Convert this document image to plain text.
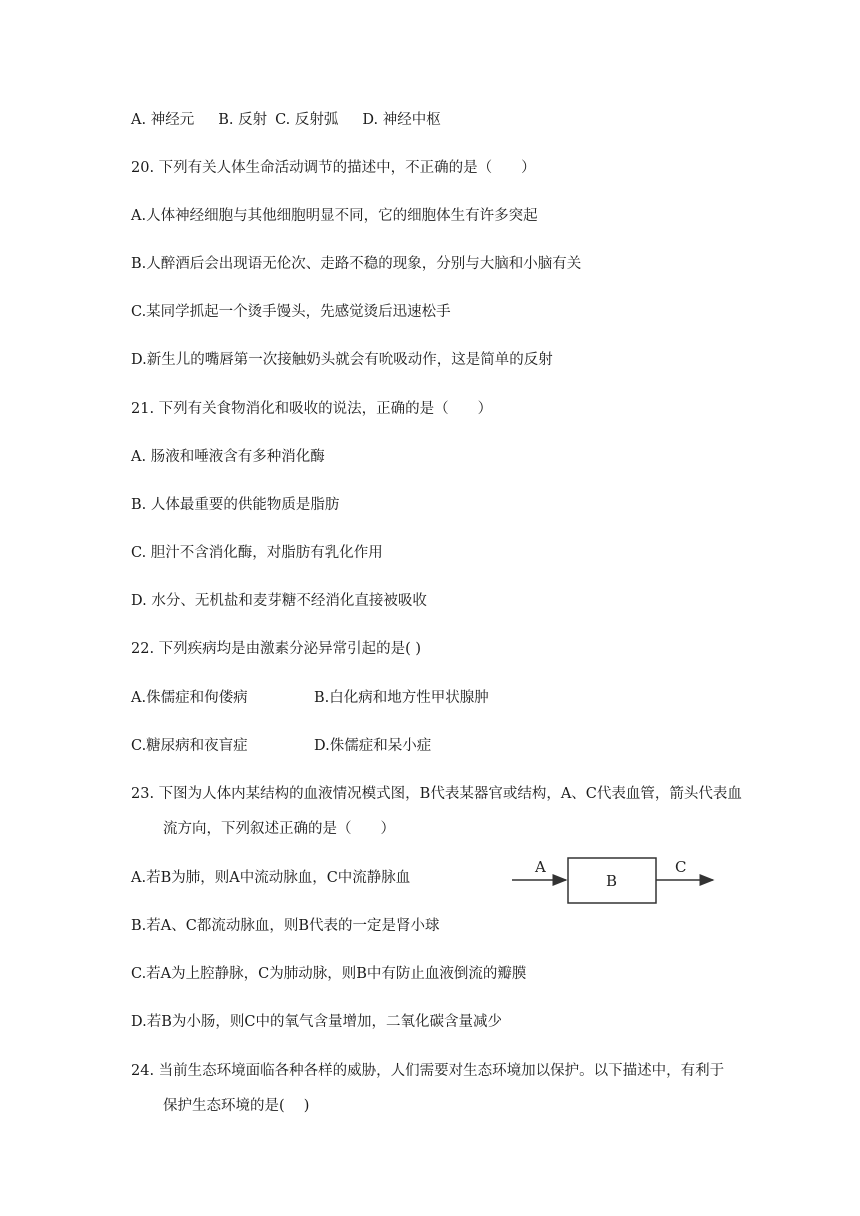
A. 神经元 B. 反射 C. 反射弧 D. 神经中枢
20. 下列有关人体生命活动调节的描述中，不正确的是（　　）
A.人体神经细胞与其他细胞明显不同，它的细胞体生有许多突起
B.人醉酒后会出现语无伦次、走路不稳的现象，分别与大脑和小脑有关
C.某同学抓起一个烫手馒头，先感觉烫后迅速松手
D.新生儿的嘴唇第一次接触奶头就会有吮吸动作，这是简单的反射
21. 下列有关食物消化和吸收的说法，正确的是（　　）
A. 肠液和唾液含有多种消化酶
B. 人体最重要的供能物质是脂肪
C. 胆汁不含消化酶，对脂肪有乳化作用
D. 水分、无机盐和麦芽糖不经消化直接被吸收
22. 下列疾病均是由激素分泌异常引起的是( )
A.侏儒症和佝偻病	B.白化病和地方性甲状腺肿
C.糖尿病和夜盲症	D.侏儒症和呆小症
23. 下图为人体内某结构的血液情况模式图，B代表某器官或结构，A、C代表血管，箭头代表血
流方向，下列叙述正确的是（　　）
A.若B为肺，则A中流动脉血，C中流静脉血
B.若A、C都流动脉血，则B代表的一定是肾小球
C.若A为上腔静脉，C为肺动脉，则B中有防止血液倒流的瓣膜
D.若B为小肠，则C中的氧气含量增加，二氧化碳含量减少
A
B
C
24. 当前生态环境面临各种各样的威胁，人们需要对生态环境加以保护。以下描述中，有利于
保护生态环境的是(　 )
